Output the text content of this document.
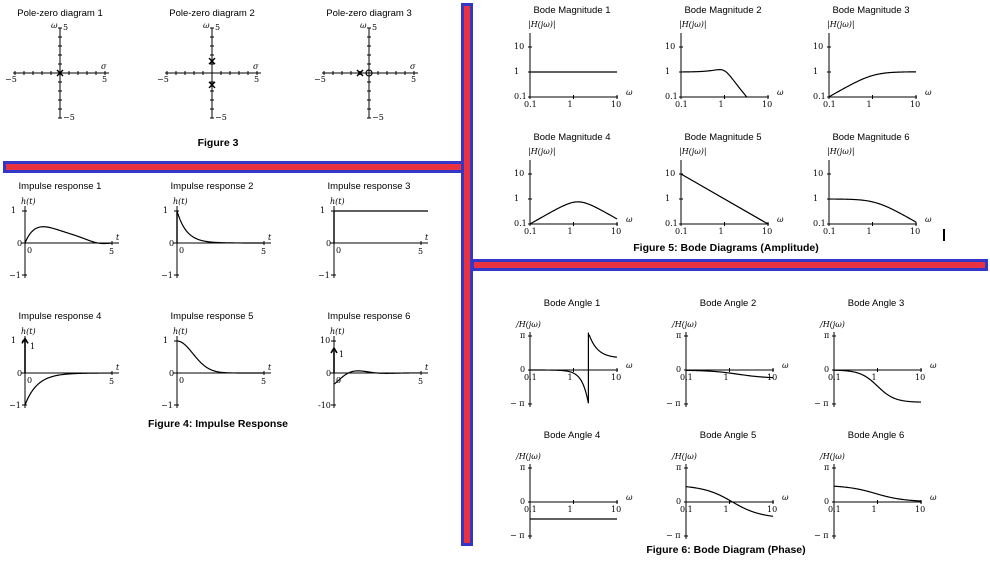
Figure 3
Figure 4: Impulse Response
Figure 5: Bode Diagrams (Amplitude)
Figure 6: Bode Diagram (Phase)
Pole-zero diagram 1
−5	5
5
−5
σ
ω
Pole-zero diagram 2
−5	5
5
−5
σ
ω
Pole-zero diagram 3
−5	5
5
−5
σ
ω
Impulse response 1
h(t)
t
1
−1
0
0	5
Impulse response 2
h(t)
t
1
−1
0
0	5
Impulse response 3
h(t)
t
1
−1
0
0	5
Impulse response 4
h(t)
t
1
−1
0
0	5
1
Impulse response 5
h(t)
t
1
−1
0
0	5
Impulse response 6
h(t)
t
10
-10
0
0	5
1
Bode Magnitude 1
|H(jω)|
10
1
0.1
0.1	1	10
ω
Bode Magnitude 2
|H(jω)|
10
1
0.1
0.1	1	10
ω
Bode Magnitude 3
|H(jω)|
10
1
0.1
0.1	1	10
ω
Bode Magnitude 4
|H(jω)|
10
1
0.1
0.1	1	10
ω
Bode Magnitude 5
|H(jω)|
10
1
0.1
0.1	1	10
ω
Bode Magnitude 6
|H(jω)|
10
1
0.1
0.1	1	10
ω
Bode Angle 1
/H(jω)
π
0
− π
0.1	1	10
ω
Bode Angle 2
/H(jω)
π
0
− π
0.1	1	10
ω
Bode Angle 3
/H(jω)
π
0
− π
0.1	1	10
ω
Bode Angle 4
/H(jω)
π
0
− π
0.1	1	10
ω
Bode Angle 5
/H(jω)
π
0
− π
0.1	1	10
ω
Bode Angle 6
/H(jω)
π
0
− π
0.1	1	10
ω
